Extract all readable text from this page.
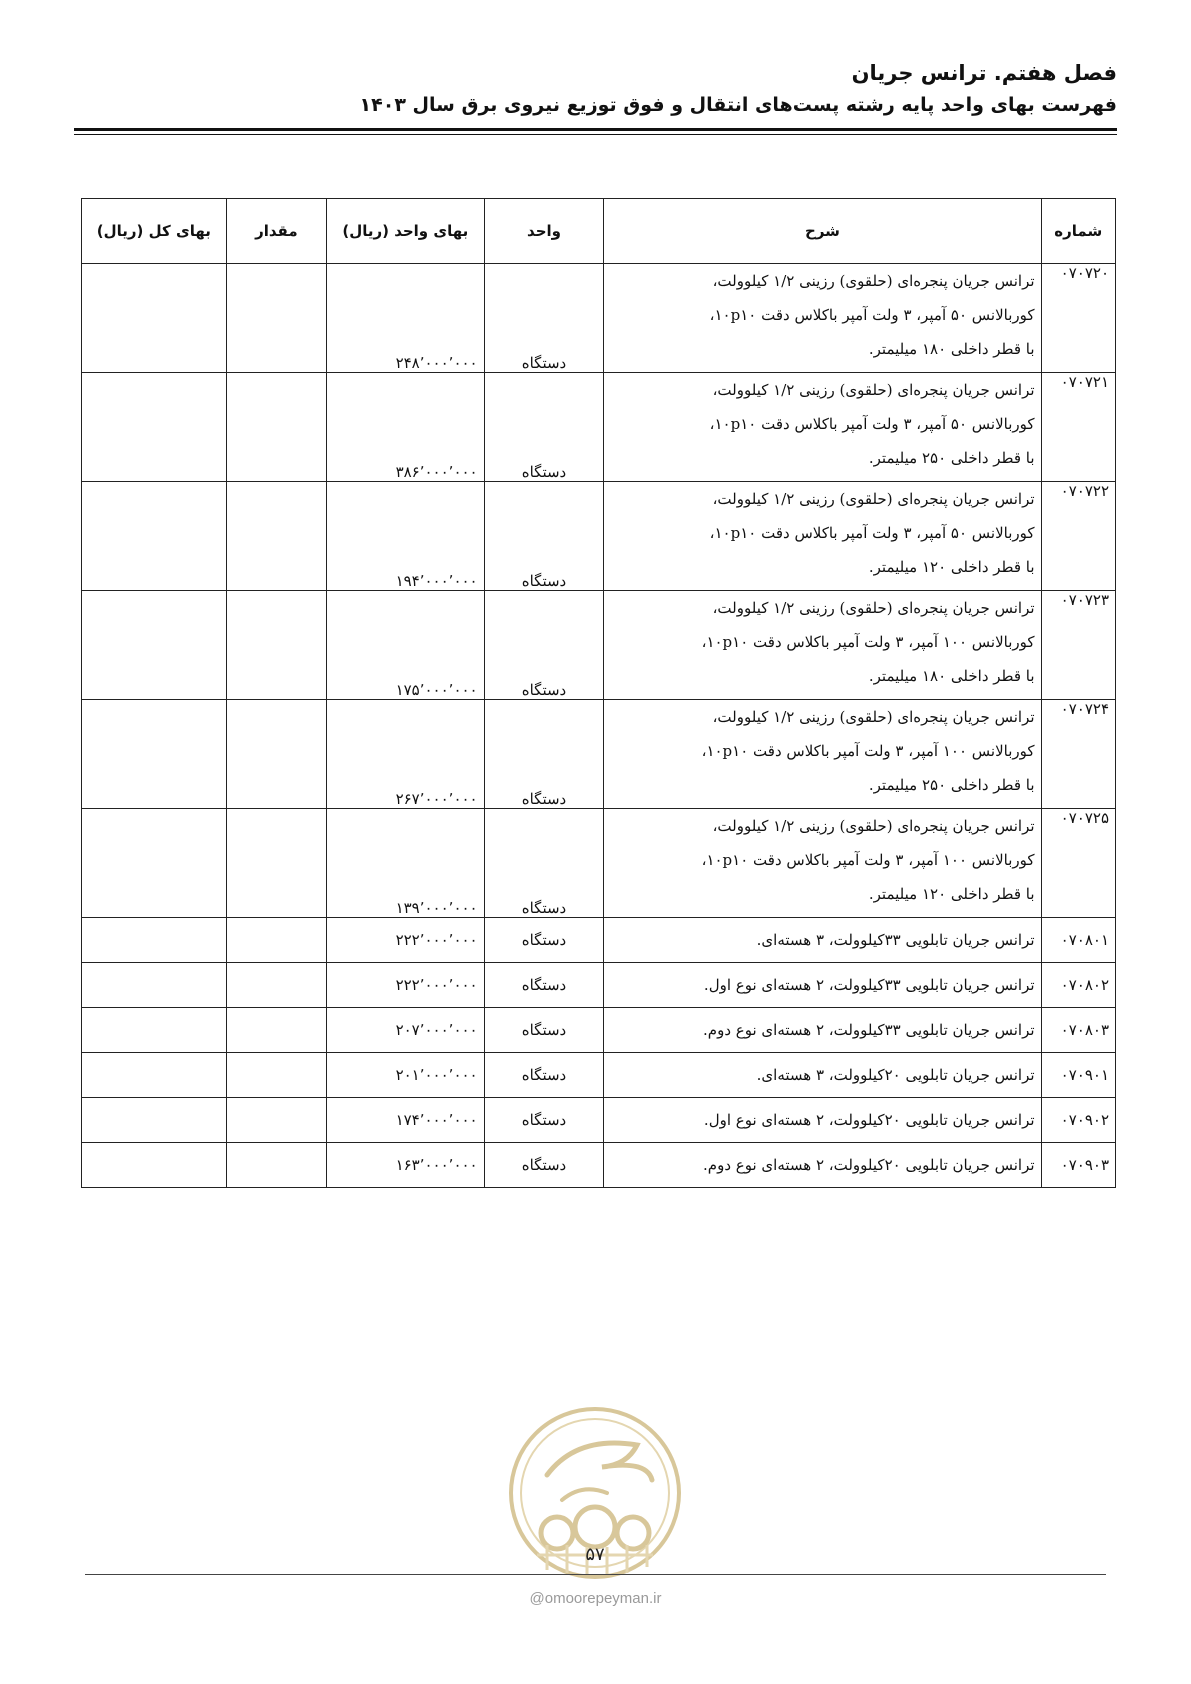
فصل هفتم. ترانس جریان
فهرست بهای واحد پایه رشته پست‌های انتقال و فوق توزیع نیروی برق سال ۱۴۰۳
شماره	شرح	واحد	بهای واحد (ریال)	مقدار	بهای کل (ریال)
۰۷۰۷۲۰	ترانس جریان پنجره‌ای (حلقوی) رزینی ۱/۲ کیلوولت،
کوربالانس ۵۰ آمپر، ۳ ولت آمپر باکلاس دقت ۱۰p۱۰،
با قطر داخلی ۱۸۰ میلیمتر.	دستگاه	۲۴۸٬۰۰۰٬۰۰۰		
۰۷۰۷۲۱	ترانس جریان پنجره‌ای (حلقوی) رزینی ۱/۲ کیلوولت،
کوربالانس ۵۰ آمپر، ۳ ولت آمپر باکلاس دقت ۱۰p۱۰،
با قطر داخلی ۲۵۰ میلیمتر.	دستگاه	۳۸۶٬۰۰۰٬۰۰۰		
۰۷۰۷۲۲	ترانس جریان پنجره‌ای (حلقوی) رزینی ۱/۲ کیلوولت،
کوربالانس ۵۰ آمپر، ۳ ولت آمپر باکلاس دقت ۱۰p۱۰،
با قطر داخلی ۱۲۰ میلیمتر.	دستگاه	۱۹۴٬۰۰۰٬۰۰۰		
۰۷۰۷۲۳	ترانس جریان پنجره‌ای (حلقوی) رزینی ۱/۲ کیلوولت،
کوربالانس ۱۰۰ آمپر، ۳ ولت آمپر باکلاس دقت ۱۰p۱۰،
با قطر داخلی ۱۸۰ میلیمتر.	دستگاه	۱۷۵٬۰۰۰٬۰۰۰		
۰۷۰۷۲۴	ترانس جریان پنجره‌ای (حلقوی) رزینی ۱/۲ کیلوولت،
کوربالانس ۱۰۰ آمپر، ۳ ولت آمپر باکلاس دقت ۱۰p۱۰،
با قطر داخلی ۲۵۰ میلیمتر.	دستگاه	۲۶۷٬۰۰۰٬۰۰۰		
۰۷۰۷۲۵	ترانس جریان پنجره‌ای (حلقوی) رزینی ۱/۲ کیلوولت،
کوربالانس ۱۰۰ آمپر، ۳ ولت آمپر باکلاس دقت ۱۰p۱۰،
با قطر داخلی ۱۲۰ میلیمتر.	دستگاه	۱۳۹٬۰۰۰٬۰۰۰		
۰۷۰۸۰۱	ترانس جریان تابلویی ۳۳کیلوولت، ۳ هسته‌ای.	دستگاه	۲۲۲٬۰۰۰٬۰۰۰		
۰۷۰۸۰۲	ترانس جریان تابلویی ۳۳کیلوولت، ۲ هسته‌ای نوع اول.	دستگاه	۲۲۲٬۰۰۰٬۰۰۰		
۰۷۰۸۰۳	ترانس جریان تابلویی ۳۳کیلوولت، ۲ هسته‌ای نوع دوم.	دستگاه	۲۰۷٬۰۰۰٬۰۰۰		
۰۷۰۹۰۱	ترانس جریان تابلویی ۲۰کیلوولت، ۳ هسته‌ای.	دستگاه	۲۰۱٬۰۰۰٬۰۰۰		
۰۷۰۹۰۲	ترانس جریان تابلویی ۲۰کیلوولت، ۲ هسته‌ای نوع اول.	دستگاه	۱۷۴٬۰۰۰٬۰۰۰		
۰۷۰۹۰۳	ترانس جریان تابلویی ۲۰کیلوولت، ۲ هسته‌ای نوع دوم.	دستگاه	۱۶۳٬۰۰۰٬۰۰۰		
۵۷
@omoorepeyman.ir
